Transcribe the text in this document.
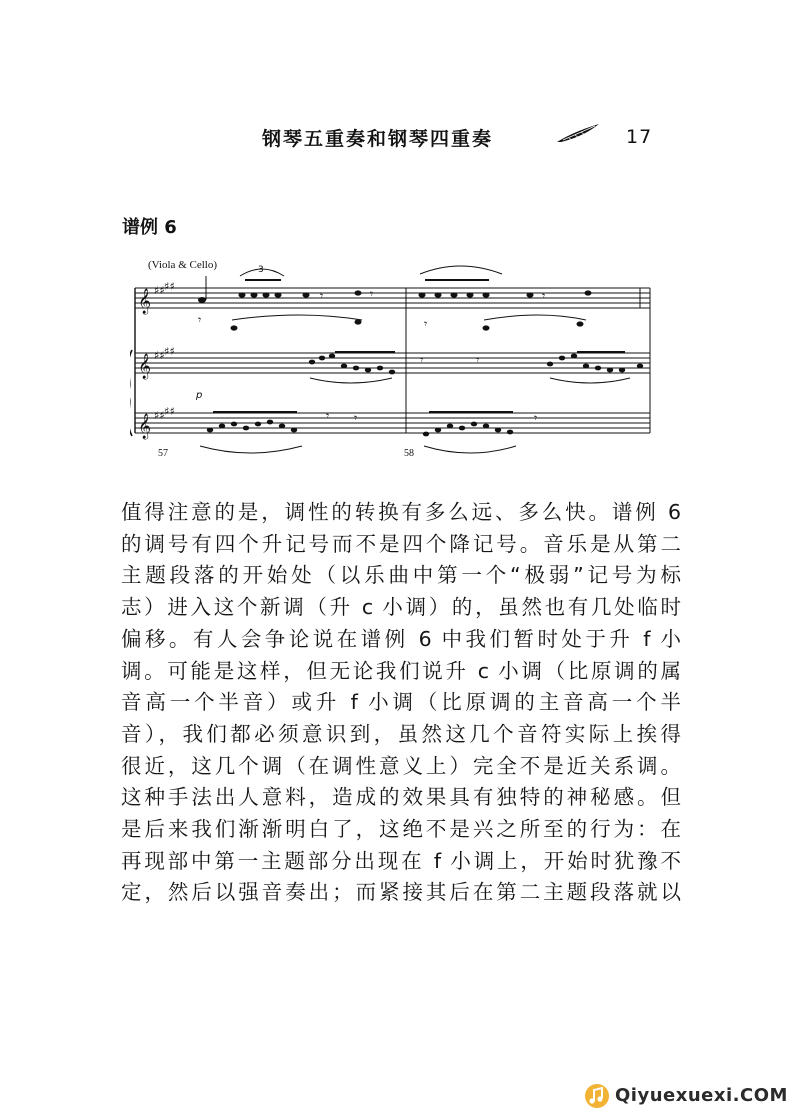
钢琴五重奏和钢琴四重奏	17
谱例 6
(Viola & Cello)
57	58
𝄞
𝄞
𝄞
♯♯ ♯♯
♯♯ ♯♯
♯♯ ♯♯
𝄾	𝄾	𝄾
𝄾	𝄾
𝄾	𝄾
𝄾 𝄾	𝄾
p
3
值得注意的是，调性的转换有多么远、多么快。谱例 6
的调号有四个升记号而不是四个降记号。音乐是从第二
主题段落的开始处（以乐曲中第一个“极弱”记号为标
志）进入这个新调（升 c 小调）的，虽然也有几处临时
偏移。有人会争论说在谱例 6 中我们暂时处于升 f 小
调。可能是这样，但无论我们说升 c 小调（比原调的属
音高一个半音）或升 f 小调（比原调的主音高一个半
音），我们都必须意识到，虽然这几个音符实际上挨得
很近，这几个调（在调性意义上）完全不是近关系调。
这种手法出人意料，造成的效果具有独特的神秘感。但
是后来我们渐渐明白了，这绝不是兴之所至的行为：在
再现部中第一主题部分出现在 f 小调上，开始时犹豫不
定，然后以强音奏出；而紧接其后在第二主题段落就以
Qiyuexuexi.COM
